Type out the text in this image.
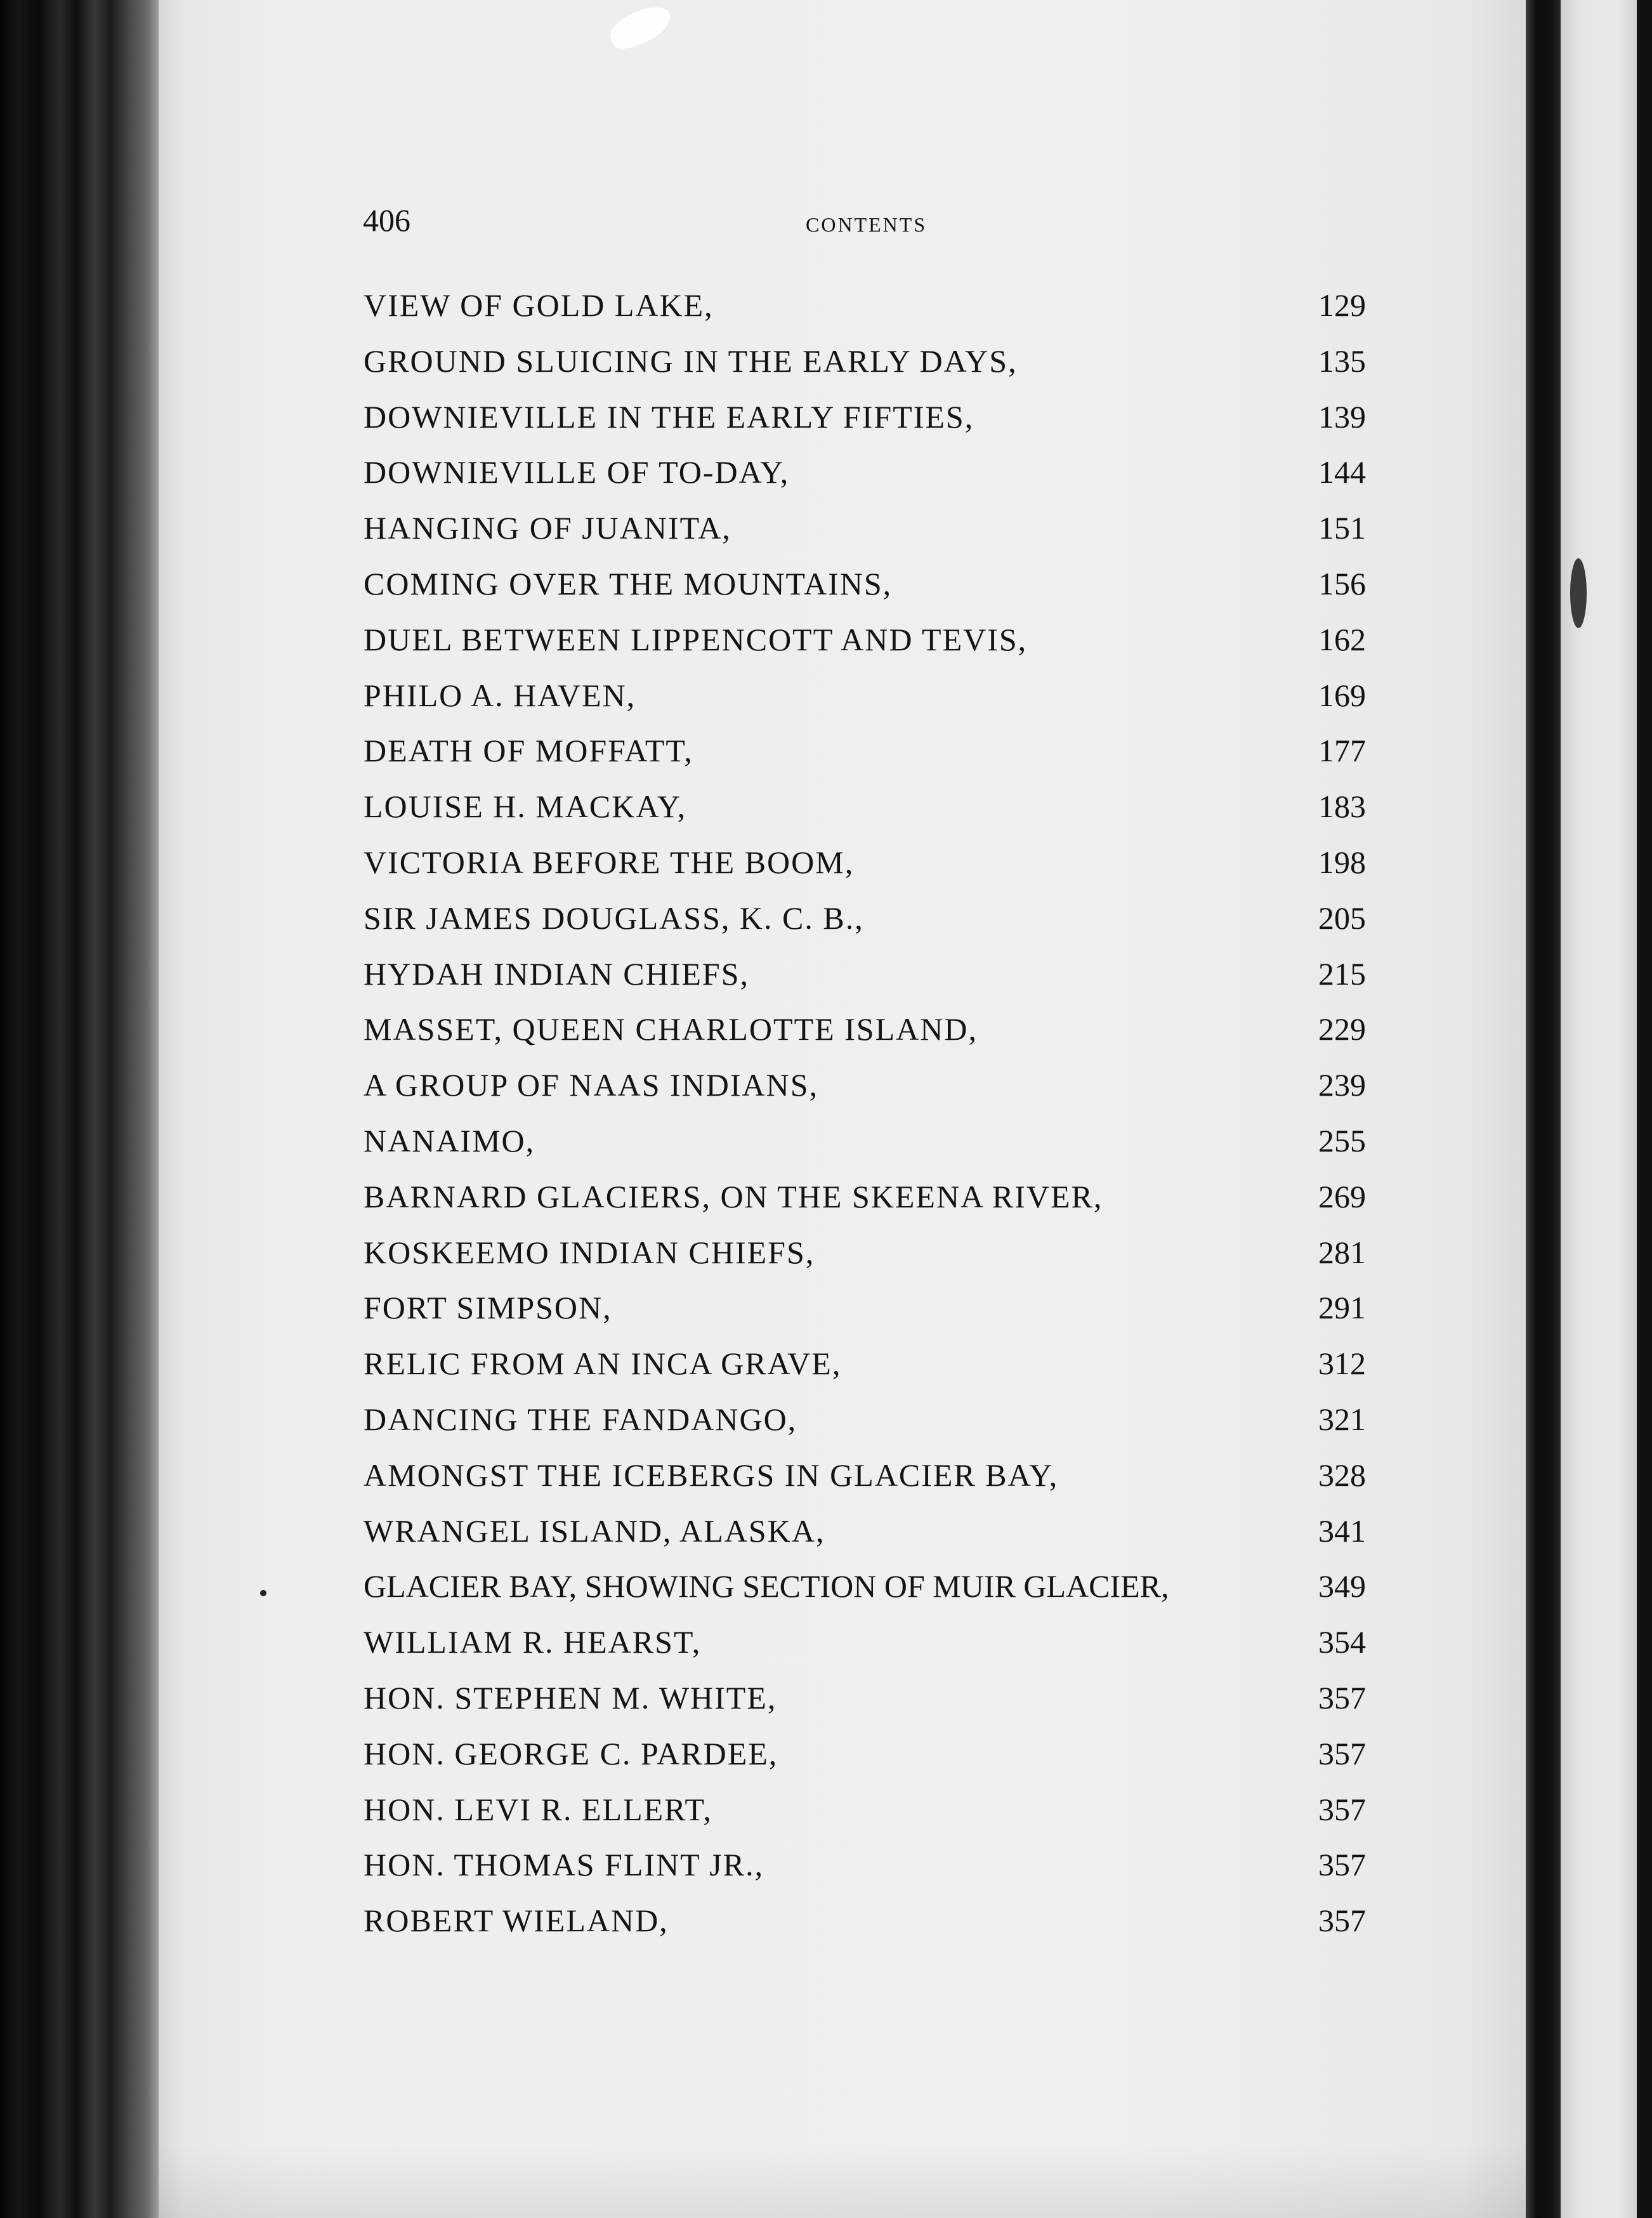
406	CONTENTS
VIEW OF GOLD LAKE,	129
GROUND SLUICING IN THE EARLY DAYS,	135
DOWNIEVILLE IN THE EARLY FIFTIES,	139
DOWNIEVILLE OF TO-DAY,	144
HANGING OF JUANITA,	151
COMING OVER THE MOUNTAINS,	156
DUEL BETWEEN LIPPENCOTT AND TEVIS,	162
PHILO A. HAVEN,	169
DEATH OF MOFFATT,	177
LOUISE H. MACKAY,	183
VICTORIA BEFORE THE BOOM,	198
SIR JAMES DOUGLASS, K. C. B.,	205
HYDAH INDIAN CHIEFS,	215
MASSET, QUEEN CHARLOTTE ISLAND,	229
A GROUP OF NAAS INDIANS,	239
NANAIMO,	255
BARNARD GLACIERS, ON THE SKEENA RIVER,	269
KOSKEEMO INDIAN CHIEFS,	281
FORT SIMPSON,	291
RELIC FROM AN INCA GRAVE,	312
DANCING THE FANDANGO,	321
AMONGST THE ICEBERGS IN GLACIER BAY,	328
WRANGEL ISLAND, ALASKA,	341
GLACIER BAY, SHOWING SECTION OF MUIR GLACIER,	349
WILLIAM R. HEARST,	354
HON. STEPHEN M. WHITE,	357
HON. GEORGE C. PARDEE,	357
HON. LEVI R. ELLERT,	357
HON. THOMAS FLINT JR.,	357
ROBERT WIELAND,	357
